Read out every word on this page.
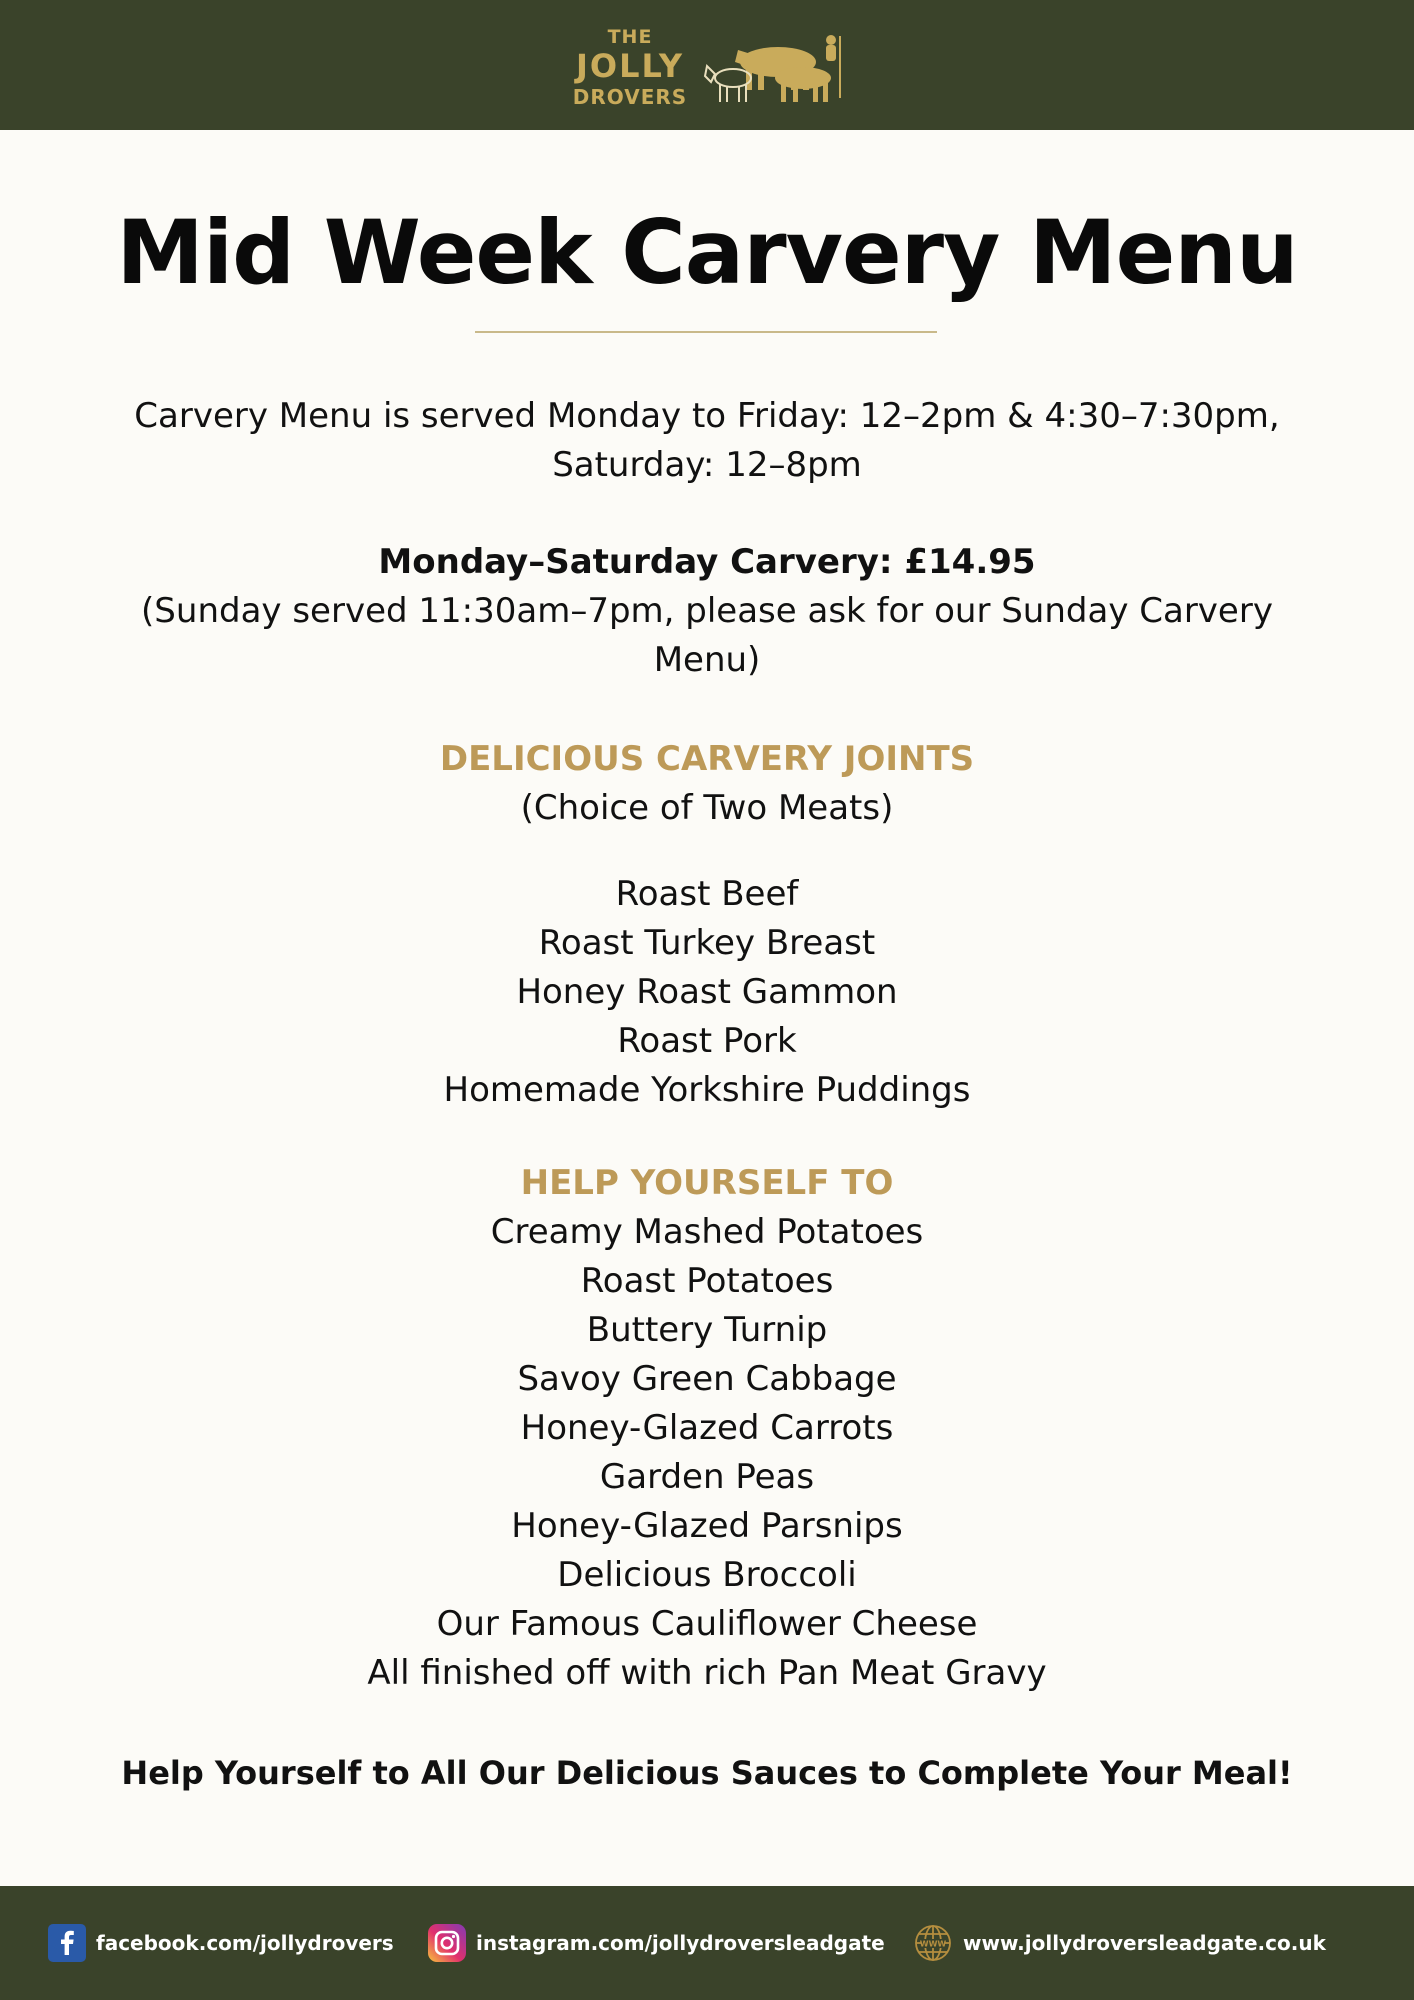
THE
JOLLY
DROVERS
Mid Week Carvery Menu
Carvery Menu is served Monday to Friday: 12–2pm & 4:30–7:30pm,
Saturday: 12–8pm
Monday–Saturday Carvery: £14.95
(Sunday served 11:30am–7pm, please ask for our Sunday Carvery
Menu)
DELICIOUS CARVERY JOINTS
(Choice of Two Meats)
Roast Beef
Roast Turkey Breast
Honey Roast Gammon
Roast Pork
Homemade Yorkshire Puddings
HELP YOURSELF TO
Creamy Mashed Potatoes
Roast Potatoes
Buttery Turnip
Savoy Green Cabbage
Honey-Glazed Carrots
Garden Peas
Honey-Glazed Parsnips
Delicious Broccoli
Our Famous Cauliflower Cheese
All finished off with rich Pan Meat Gravy
Help Yourself to All Our Delicious Sauces to Complete Your Meal!
facebook.com/jollydrovers	instagram.com/jollydroversleadgate	WWW www.jollydroversleadgate.co.uk
